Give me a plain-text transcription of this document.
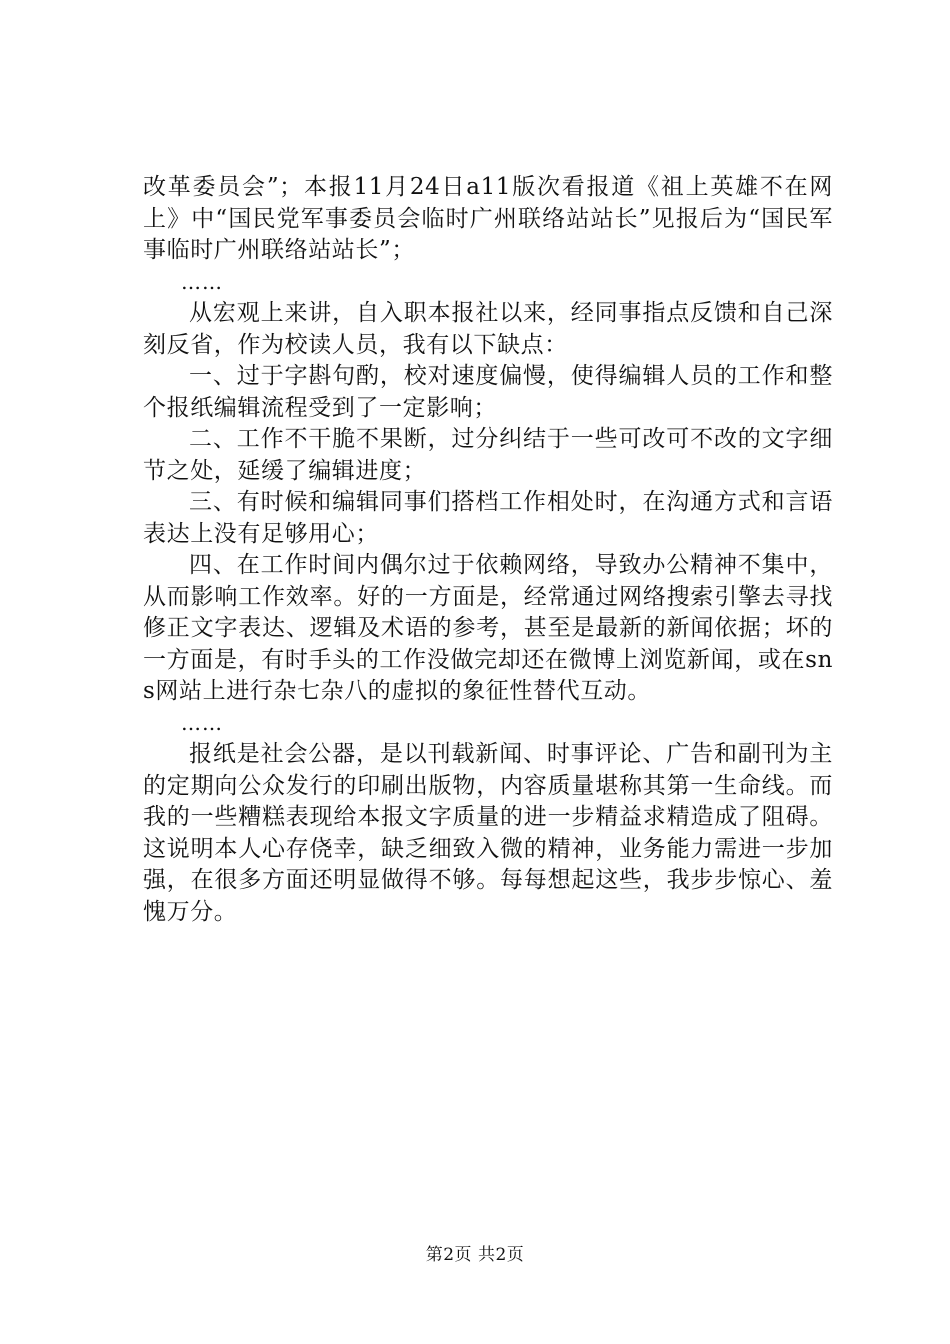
改革委员会”；本报11月24日a11版次看报道《祖上英雄不在网上》中“国民党军事委员会临时广州联络站站长”见报后为“国民军事临时广州联络站站长”；

……

从宏观上来讲，自入职本报社以来，经同事指点反馈和自己深刻反省，作为校读人员，我有以下缺点：

一、过于字斟句酌，校对速度偏慢，使得编辑人员的工作和整个报纸编辑流程受到了一定影响；

二、工作不干脆不果断，过分纠结于一些可改可不改的文字细节之处，延缓了编辑进度；

三、有时候和编辑同事们搭档工作相处时，在沟通方式和言语表达上没有足够用心；

四、在工作时间内偶尔过于依赖网络，导致办公精神不集中，从而影响工作效率。好的一方面是，经常通过网络搜索引擎去寻找修正文字表达、逻辑及术语的参考，甚至是最新的新闻依据；坏的一方面是，有时手头的工作没做完却还在微博上浏览新闻，或在sns网站上进行杂七杂八的虚拟的象征性替代互动。

……

报纸是社会公器，是以刊载新闻、时事评论、广告和副刊为主的定期向公众发行的印刷出版物，内容质量堪称其第一生命线。而我的一些糟糕表现给本报文字质量的进一步精益求精造成了阻碍。这说明本人心存侥幸，缺乏细致入微的精神，业务能力需进一步加强，在很多方面还明显做得不够。每每想起这些，我步步惊心、羞愧万分。

第2页 共2页
